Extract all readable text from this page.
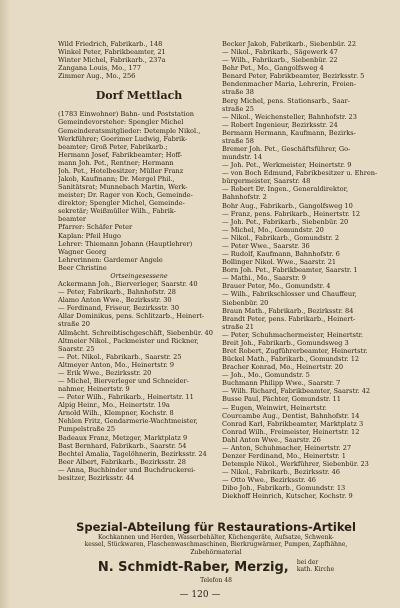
Wild Friedrich, Fabrikarb., 148
Winkel Peter, Fabrikbeamter, 21
Winter Michel, Fabrikarb., 237a
Zangana Louis, Mo., 177
Zimmer Aug., Mo., 256
Dorf Mettlach
(1783 Einwohner) Bahn- und Poststation
Gemeindevorsteher: Spengler Michel
Gemeinderatsmitglieder: Detemple Nikol.,
Werkführer; Goerimer Ludwig, Fabrik-
beamter; Groß Peter, Fabrikarb.;
Hermann Josef, Fabrikbeamter; Hoff-
mann Joh. Pet., Rentner; Hermann
Joh. Pet., Hotelbesitzer; Müller Franz
Jakob, Kaufmann; Dr. Mergel Phil.,
Sanitätsrat; Munnebach Martin, Werk-
meister; Dr. Rager von Koch, Gemeinde-
direktor; Spengler Michel, Gemeinde-
sekretär; Weißmüller Wilh., Fabrik-
beamter
Pfarrer: Schäfer Peter
Kaplan: Pfeil Hugo
Lehrer: Thiemann Johann (Hauptlehrer)
Wagner Georg
Lehrerinnen: Gardemer Angele
Beer Christine
Ortseingesessene
Ackermann Joh., Bierverleger, Saarstr. 40
— Peter, Fabrikarb., Bahnhofstr. 28
Alamo Anton Wwe., Bezirksstr. 30
— Ferdinand, Friseur, Bezirksstr. 30
Allar Dominikus, pens. Schlitzarb., Heinert-
straße 20
Allmächt. Schreibtischgeschäft, Siebenbür. 40
Altmeier Nikol., Packmeister und Rickner,
Saarstr. 25
— Pet. Nikol., Fabrikarb., Saarstr. 25
Altmeyer Anton, Mo., Heinertstr. 9
— Erik Wwe., Bezirksstr. 20
— Michel, Bierverleger und Schneider-
nahmer, Heinertstr. 9
— Peter Wilh., Fabrikarb., Heinertstr. 11
Alpig Heinr., Mo., Heinertstr. 19a
Arnold Wilh., Klempner, Kochstr. 8
Nehlen Fritz, Gendarmerie-Wachtmeister,
Pumpelstraße 25
Badeaux Franz, Metzger, Marktplatz 9
Bast Bernhard, Fabrikarb., Saarstr. 54
Bechtel Amalia, Tagelöhnerin, Bezirksstr. 24
Beer Albert, Fabrikarb., Bezirksstr. 28
— Anna, Buchbinder und Buchdruckerei-
besitzer, Bezirksstr. 44
Becker Jakob, Fabrikarb., Siebenbür. 22
— Nikol., Fabrikarb., Sägewerk 47
— Wilh., Fabrikarb., Siebenbür. 22
Behr Pet., Mo., Gangolfsweg 4
Benard Peter, Fabrikbeamter, Bezirksstr. 5
Bendenmacher Maria, Lehrerin, Freien-
straße 38
Berg Michel, pens. Stationsarb., Saar-
straße 25
— Nikol., Weichensteller, Bahnhofstr. 23
— Robert Ingenieur, Bezirksstr. 24
Bermann Hermann, Kaufmann, Bezirks-
straße 58
Bremer Joh. Pet., Geschäftsführer, Go-
mundstr. 14
— Joh. Pet., Werkmeister, Heinertstr. 9
— von Boch Edmund, Fabrikbesitzer u. Ehren-
bürgermeister, Saarstr. 48
— Robert Dr. Ingen., Generaldirektor,
Bahnhofstr. 2
Bohr Aug., Fabrikarb., Gangolfsweg 10
— Franz, pens. Fabrikarb., Heinertstr. 12
— Joh. Pet., Fabrikarb., Siebenbür. 20
— Michel, Mo., Gomundstr. 20
— Nikol., Fabrikarb., Gomundstr. 2
— Peter Wwe., Saarstr. 36
— Rudolf, Kaufmann, Bahnhofstr. 6
Bollinger Nikol. Wwe., Saarstr. 21
Born Joh. Pet., Fabrikbeamter, Saarstr. 1
— Mathi., Mo., Saarstr. 9
Brauer Peter, Mo., Gomundstr. 4
— Wilh., Fabrikschlosser und Chauffeur,
Siebenbür. 20
Braun Math., Fabrikarb., Bezirksstr. 84
Brandt Peter, pens. Fabrikarb., Heinert-
straße 21
— Peter, Schuhmachermeister, Heinertstr.
Breit Joh., Fabrikarb., Gomundsweg 3
Bret Robert, Zugführerbeamter, Heinertstr.
Bückel Math., Fabrikarb., Gomundstr. 12
Bracher Konrad, Mo., Heinertstr. 20
— Joh., Mo., Gomundstr. 5
Buchmann Philipp Wwe., Saarstr. 7
— Wilh. Richard, Fabrikbeamter, Saarstr. 42
Busse Paul, Pächter, Gomundstr. 11
— Eugen, Weinwirt, Heinertstr.
Courcambe Aug., Dentist, Bahnhofstr. 14
Conrad Karl, Fabrikbeamter, Marktplatz 3
Conrad Wilh., Freimeister, Heinertstr. 12
Dahl Anton Wwe., Saarstr. 26
— Anton, Schuhmacher, Heinertstr. 27
Denzer Ferdinand, Mo., Heinertstr. 1
Detemple Nikol., Werkführer, Siebenbür. 23
— Nikol., Fabrikarb., Bezirksstr. 46
— Otto Wwe., Bezirksstr. 46
Dibo Joh., Fabrikarb., Gomundstr. 13
Diekhoff Heinrich, Kutscher, Kochstr. 9
Spezial-Abteilung für Restaurations-Artikel
Kochkannen und Herden, Wasserbehälter, Küchengeräte, Aufsatze, Schwenk-
kessel, Stückwaren, Flaschenwaschmaschinen, Bierkrugwärmer, Pumpen, Zapfhähne,
Zubehörmaterial
N. Schmidt-Raber, Merzig, bei der
kath. Kirche
Telefon 48
— 120 —
